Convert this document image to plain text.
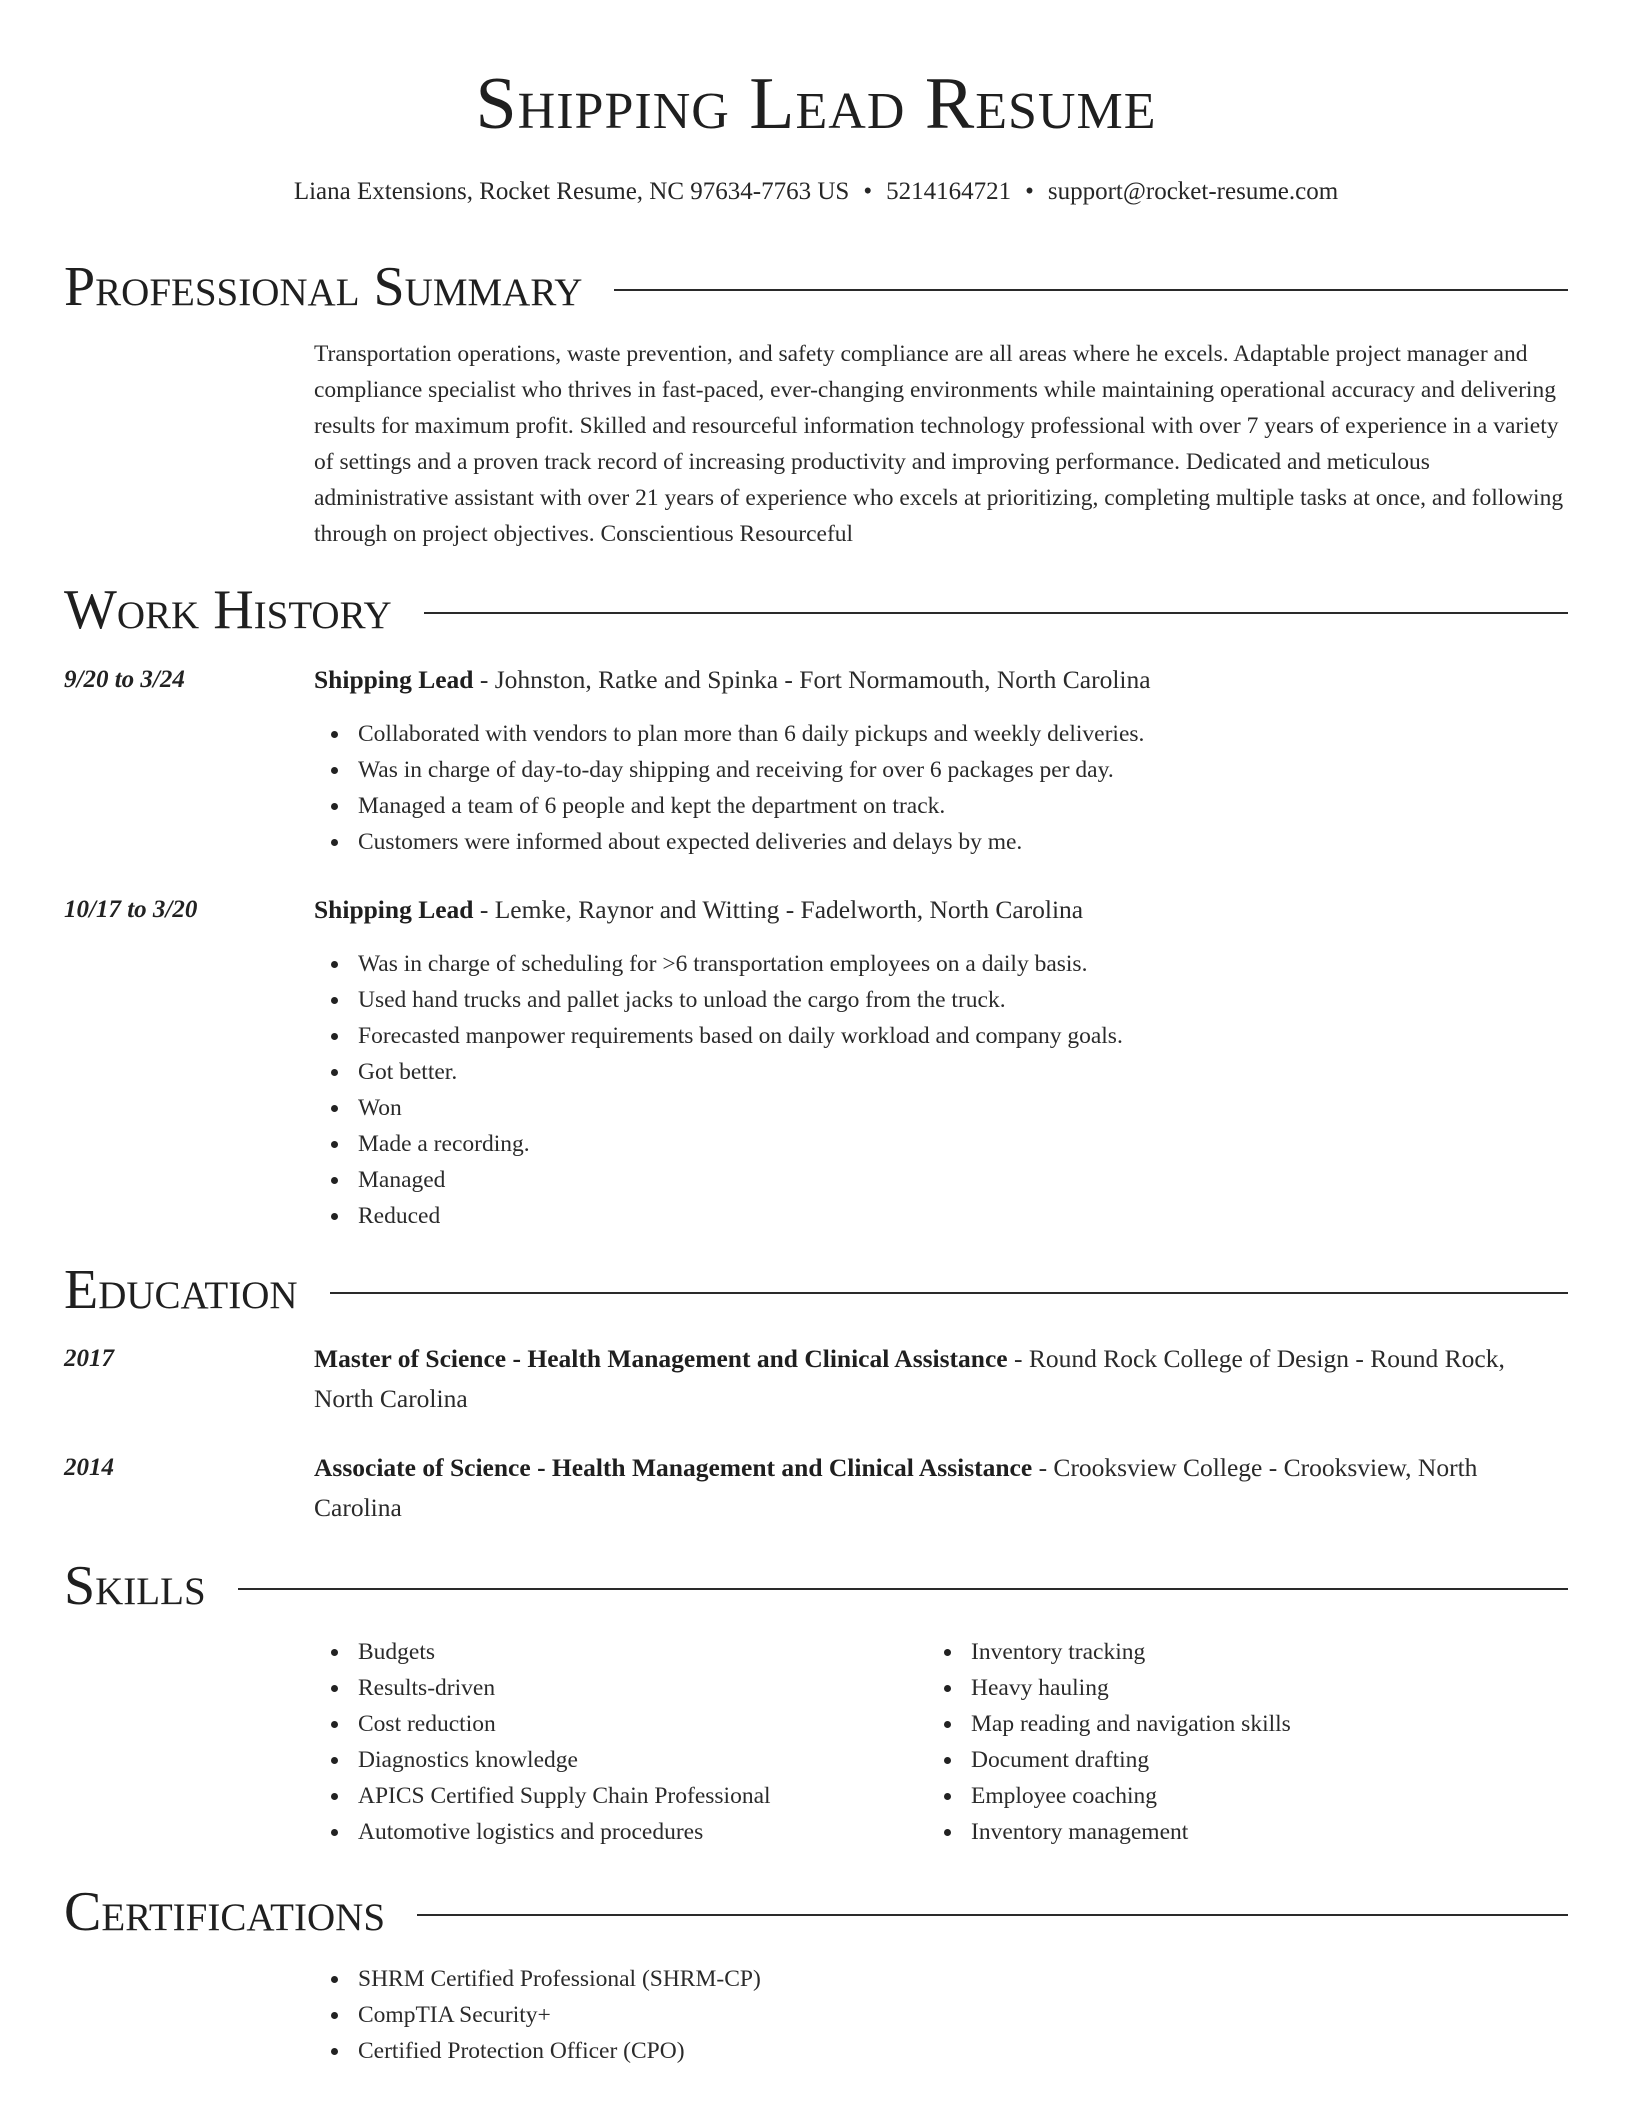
Shipping Lead Resume
Liana Extensions, Rocket Resume, NC 97634-7763 US • 5214164721 • support@rocket-resume.com
Professional Summary

Transportation operations, waste prevention, and safety compliance are all areas where he excels. Adaptable project manager and compliance specialist who thrives in fast-paced, ever-changing environments while maintaining operational accuracy and delivering results for maximum profit. Skilled and resourceful information technology professional with over 7 years of experience in a variety of settings and a proven track record of increasing productivity and improving performance. Dedicated and meticulous administrative assistant with over 21 years of experience who excels at prioritizing, completing multiple tasks at once, and following through on project objectives. Conscientious Resourceful

Work History
9/20 to 3/24	Shipping Lead - Johnston, Ratke and Spinka - Fort Normamouth, North Carolina
Collaborated with vendors to plan more than 6 daily pickups and weekly deliveries.
Was in charge of day-to-day shipping and receiving for over 6 packages per day.
Managed a team of 6 people and kept the department on track.
Customers were informed about expected deliveries and delays by me.
10/17 to 3/20	Shipping Lead - Lemke, Raynor and Witting - Fadelworth, North Carolina
Was in charge of scheduling for >6 transportation employees on a daily basis.
Used hand trucks and pallet jacks to unload the cargo from the truck.
Forecasted manpower requirements based on daily workload and company goals.
Got better.
Won
Made a recording.
Managed
Reduced
Education
2017	Master of Science - Health Management and Clinical Assistance - Round Rock College of Design - Round Rock, North Carolina
2014	Associate of Science - Health Management and Clinical Assistance - Crooksview College - Crooksview, North Carolina
Skills
Budgets
Results-driven
Cost reduction
Diagnostics knowledge
APICS Certified Supply Chain Professional
Automotive logistics and procedures
Inventory tracking
Heavy hauling
Map reading and navigation skills
Document drafting
Employee coaching
Inventory management
Certifications
SHRM Certified Professional (SHRM-CP)
CompTIA Security+
Certified Protection Officer (CPO)
